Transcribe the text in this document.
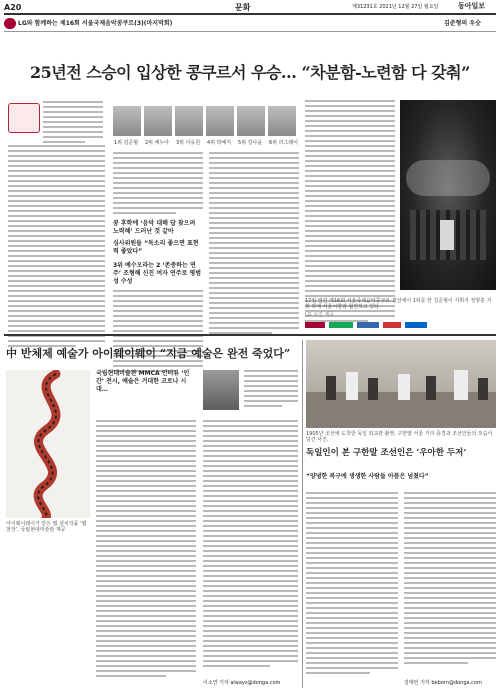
A20	문화	제31231호 2021년 12월 27일 월요일	동아일보
LG와 함께하는 제16회 서울국제음악콩쿠르(3)(마지막회)	김준형의 우승
25년전 스승이 입상한 콩쿠르서 우승… “차분함-노련함 다 갖춰”
1위 김준형 2위 에누아 3위 이유원 4위 박예지 5위 강나윤 6위 리그레이
콩 후학에 ‘음악 대해 답 찾으려 노력해’ 드러난 것 같아
심사위원들 “독소리 좋으면 표현력 좋았다”
3위 예수오라는 2 ‘존중하는 연주’ 조형해 신진 여자 연주로 평범성 수성
17일 열린 제16회 서울국제음악콩쿠르 결선에서 1위를 한 김준형이 지휘자 정명훈 지휘 하에 서울시향과 협연하고 있다.
LG 사진 제공
中 반체제 예술가 아이웨이웨이 “지금 예술은 완전 죽었다”
아이웨이웨이가 만든 뱀 설치작품 ‘뱀 천장’. 국립현대미술관 제공
국립현대미술관 MMCA 인터뷰 ‘인간’ 전시, 예술은 거대한 코로나 시대…
이소연 기자 always@donga.com
1905년 조선에 도착한 독일 외교관 촬영. 구한말 서울 거리 풍경과 조선인들의 모습이 담긴 사진.
독일인이 본 구한말 조선인은 ‘우아한 두저’
“양녕한 복구에 생생한 사람들 아픔은 넘쳤다”
김태언 기자 beborn@donga.com
